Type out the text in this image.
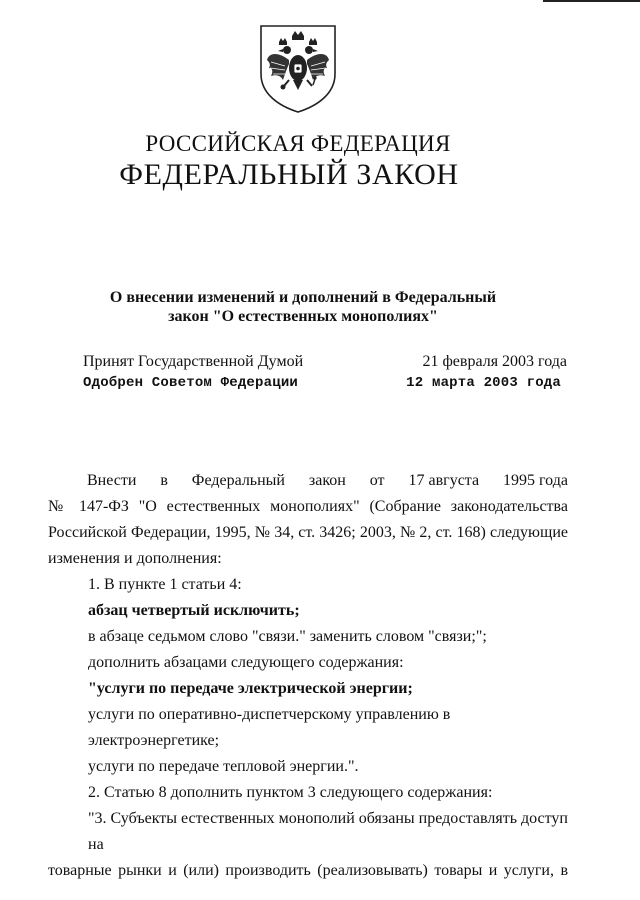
РОССИЙСКАЯ ФЕДЕРАЦИЯ
ФЕДЕРАЛЬНЫЙ ЗАКОН
О внесении изменений и дополнений в Федеральный
закон "О естественных монополиях"
Принят Государственной Думой	21 февраля 2003 года
Одобрен Советом Федерации	12 марта 2003 года
Внести в Федеральный закон от 17 августа 1995 года

№ 147-ФЗ "О естественных монополиях" (Собрание законодательства

Российской Федерации, 1995, № 34, ст. 3426; 2003, № 2, ст. 168) следующие

изменения и дополнения:

1. В пункте 1 статьи 4:

абзац четвертый исключить;

в абзаце седьмом слово "связи." заменить словом "связи;";

дополнить абзацами следующего содержания:

"услуги по передаче электрической энергии;

услуги по оперативно-диспетчерскому управлению в электроэнергетике;

услуги по передаче тепловой энергии.".

2. Статью 8 дополнить пунктом 3 следующего содержания:

"3. Субъекты естественных монополий обязаны предоставлять доступ на

товарные рынки и (или) производить (реализовывать) товары и услуги, в
